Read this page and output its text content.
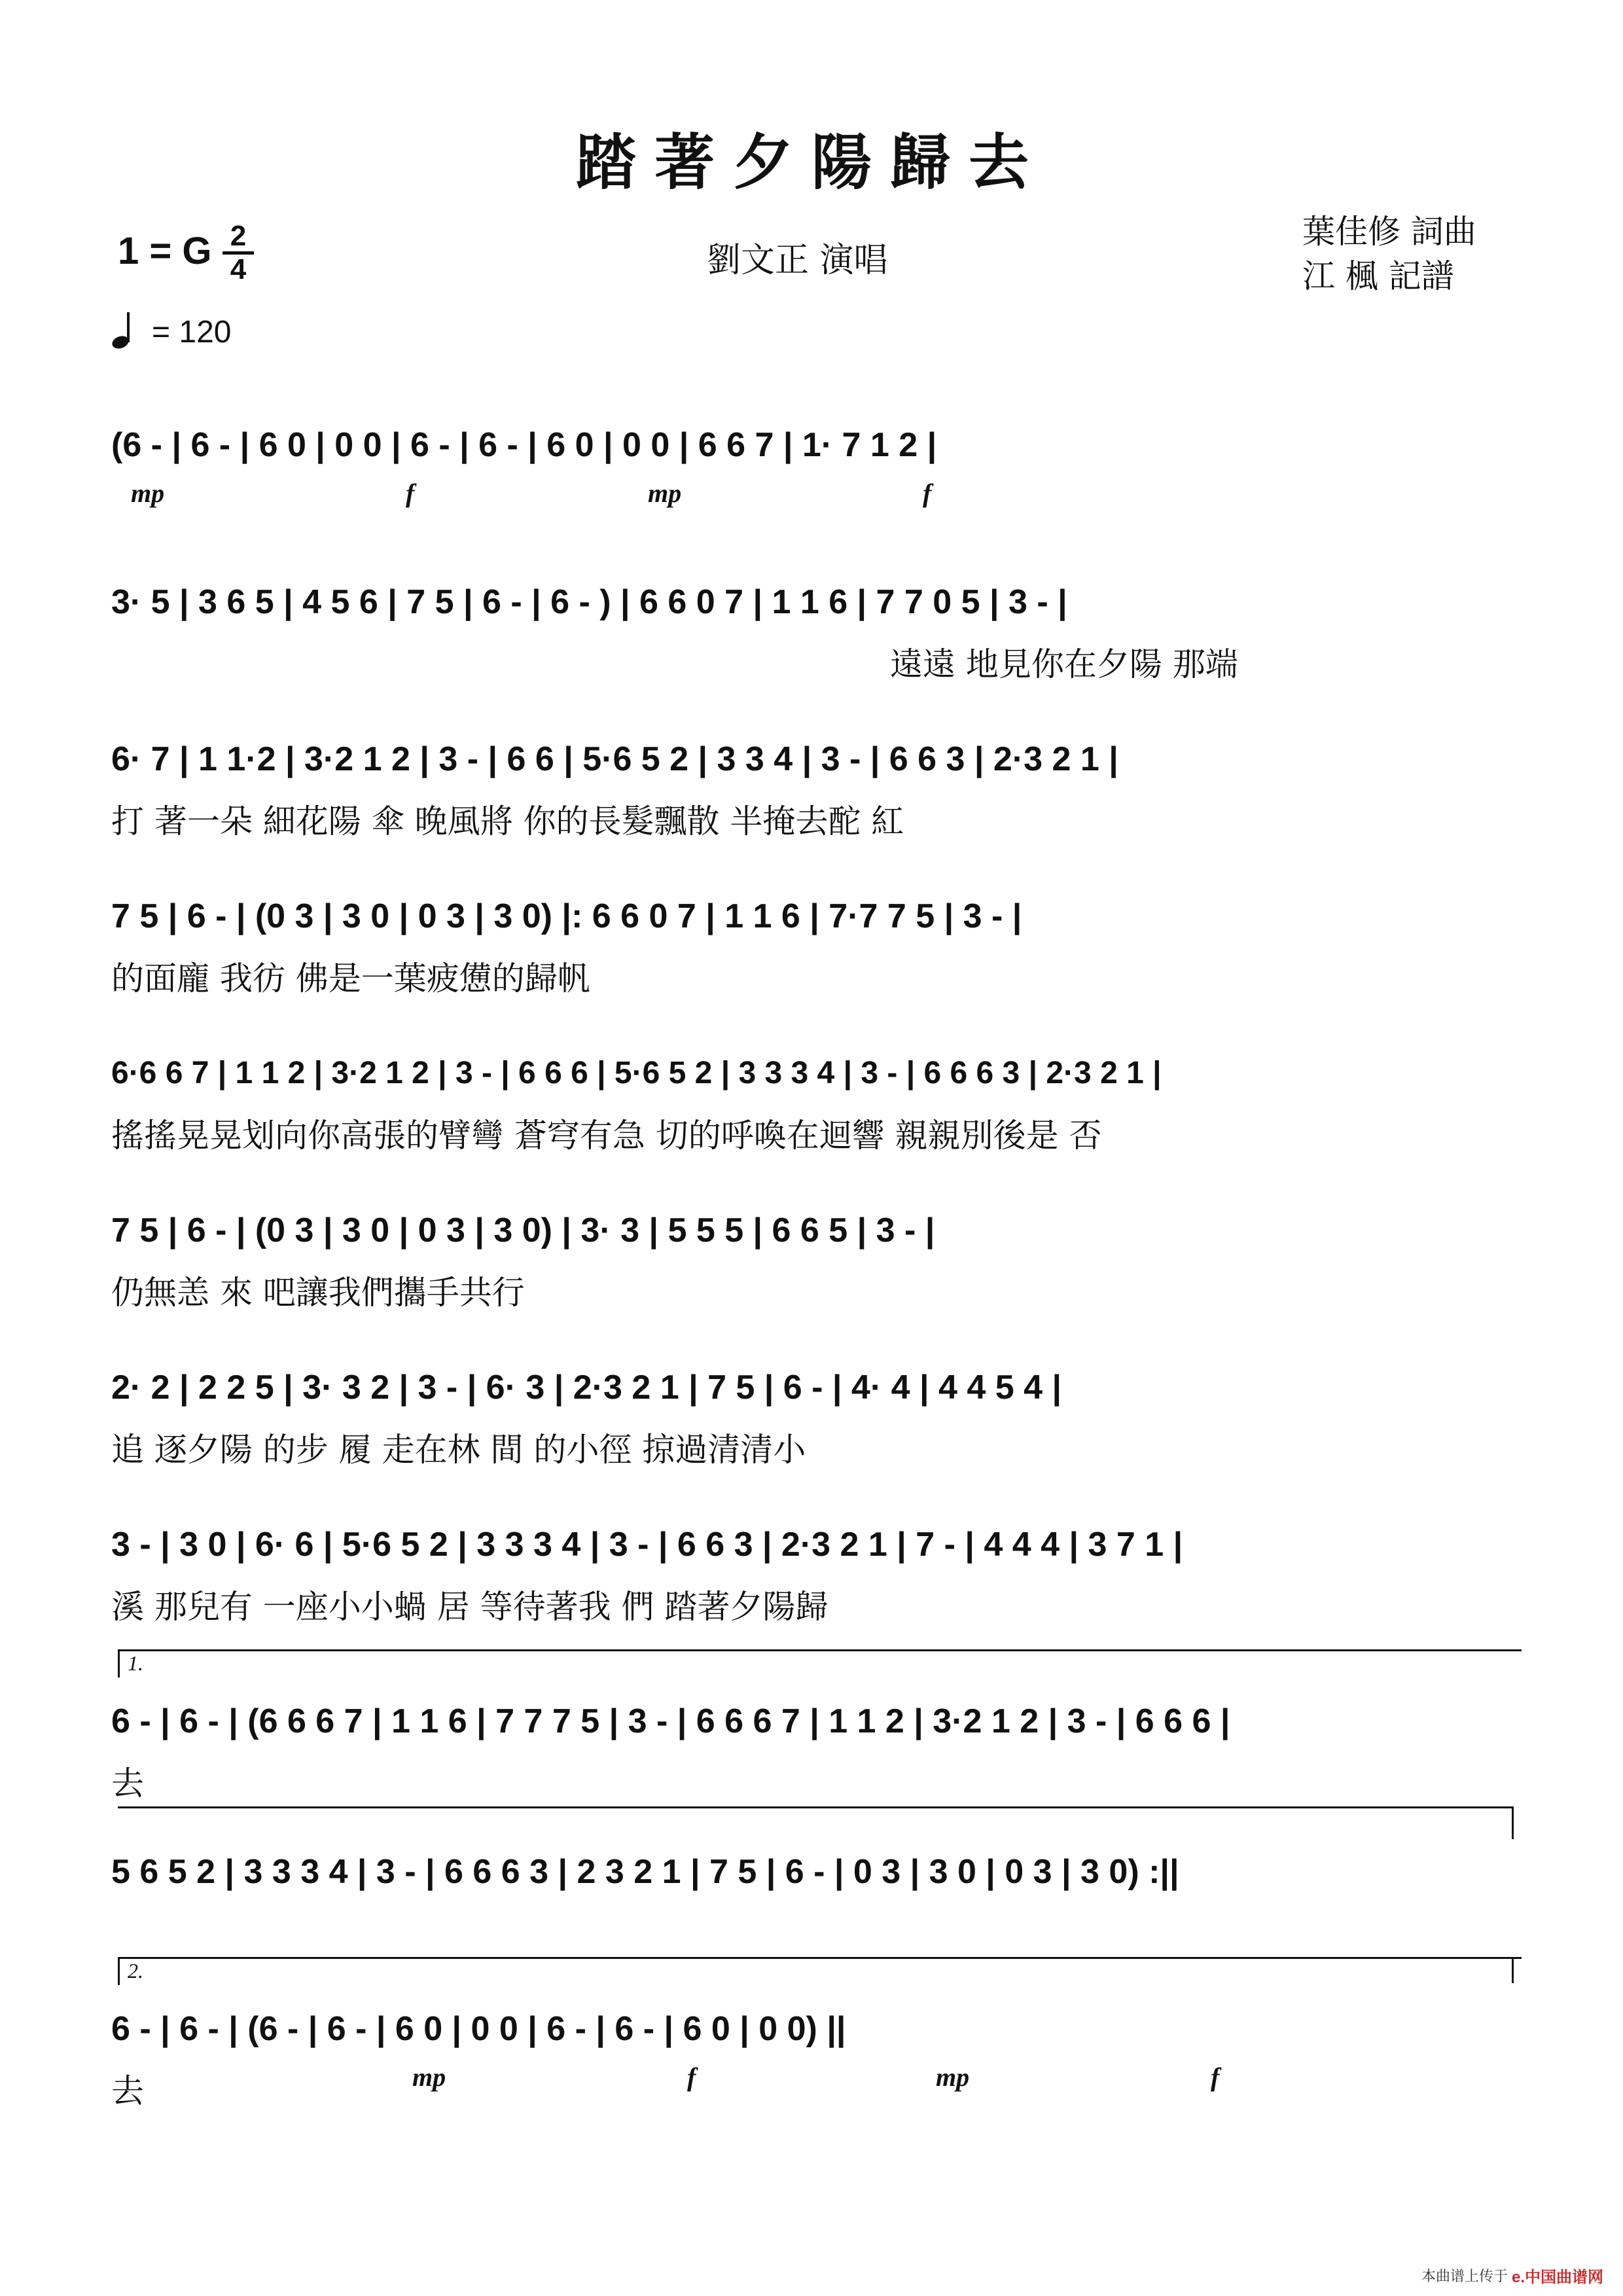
踏著夕陽歸去
1 = G 2
4
= 120
劉文正 演唱
葉佳修 詞曲
江 楓 記譜
(6 - | 6 - | 6 0 | 0 0 | 6 - | 6 - | 6 0 | 0 0 | 6 6 7 | 1· 7 1 2 |
mp	f	mp	f
3· 5 | 3 6 5 | 4 5 6 | 7 5 | 6 - | 6 - ) | 6 6 0 7 | 1 1 6 | 7 7 0 5 | 3 - |
遠遠 地見你在夕陽 那端
6· 7 | 1 1·2 | 3·2 1 2 | 3 - | 6 6 | 5·6 5 2 | 3 3 4 | 3 - | 6 6 3 | 2·3 2 1 |
打 著一朵 細花陽 傘 晚風將 你的長髮飄散 半掩去酡 紅
7 5 | 6 - | (0 3 | 3 0 | 0 3 | 3 0) |: 6 6 0 7 | 1 1 6 | 7·7 7 5 | 3 - |
的面龐 我彷 佛是一葉疲憊的歸帆
6·6 6 7 | 1 1 2 | 3·2 1 2 | 3 - | 6 6 6 | 5·6 5 2 | 3 3 3 4 | 3 - | 6 6 6 3 | 2·3 2 1 |
搖搖晃晃划向你高張的臂彎 蒼穹有急 切的呼喚在迴響 親親別後是 否
7 5 | 6 - | (0 3 | 3 0 | 0 3 | 3 0) | 3· 3 | 5 5 5 | 6 6 5 | 3 - |
仍無恙 來 吧讓我們攜手共行
2· 2 | 2 2 5 | 3· 3 2 | 3 - | 6· 3 | 2·3 2 1 | 7 5 | 6 - | 4· 4 | 4 4 5 4 |
追 逐夕陽 的步 履 走在林 間 的小徑 掠過清清小
3 - | 3 0 | 6· 6 | 5·6 5 2 | 3 3 3 4 | 3 - | 6 6 3 | 2·3 2 1 | 7 - | 4 4 4 | 3 7 1 |
溪 那兒有 一座小小蝸 居 等待著我 們 踏著夕陽歸
1.
6 - | 6 - | (6 6 6 7 | 1 1 6 | 7 7 7 5 | 3 - | 6 6 6 7 | 1 1 2 | 3·2 1 2 | 3 - | 6 6 6 |
去
5 6 5 2 | 3 3 3 4 | 3 - | 6 6 6 3 | 2 3 2 1 | 7 5 | 6 - | 0 3 | 3 0 | 0 3 | 3 0) :||
2.
6 - | 6 - | (6 - | 6 - | 6 0 | 0 0 | 6 - | 6 - | 6 0 | 0 0) ||
去	mp	f	mp	f
本曲谱上传于 e.中国曲谱网
